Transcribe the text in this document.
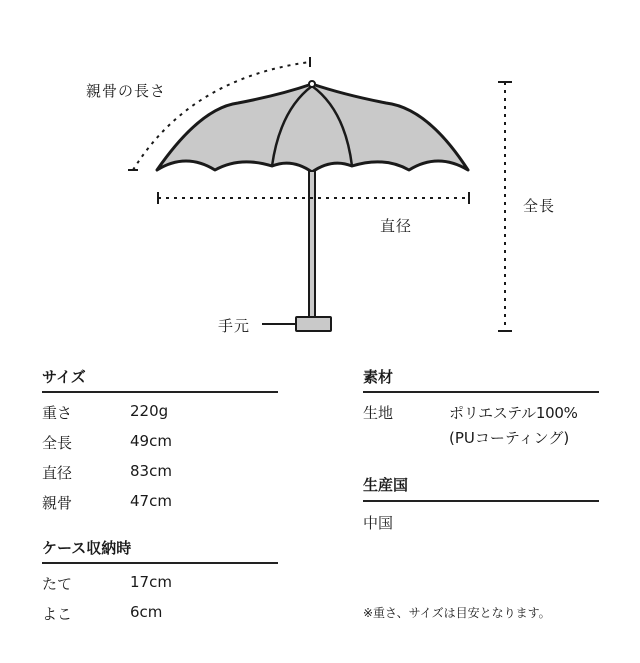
親骨の長さ
全長
直径
手元
サイズ
重さ	220g
全長	49cm
直径	83cm
親骨	47cm
ケース収納時
たて	17cm
よこ	6cm
素材
生地	ポリエステル100%
(PUコーティング)
生産国
中国
※重さ、サイズは目安となります。
